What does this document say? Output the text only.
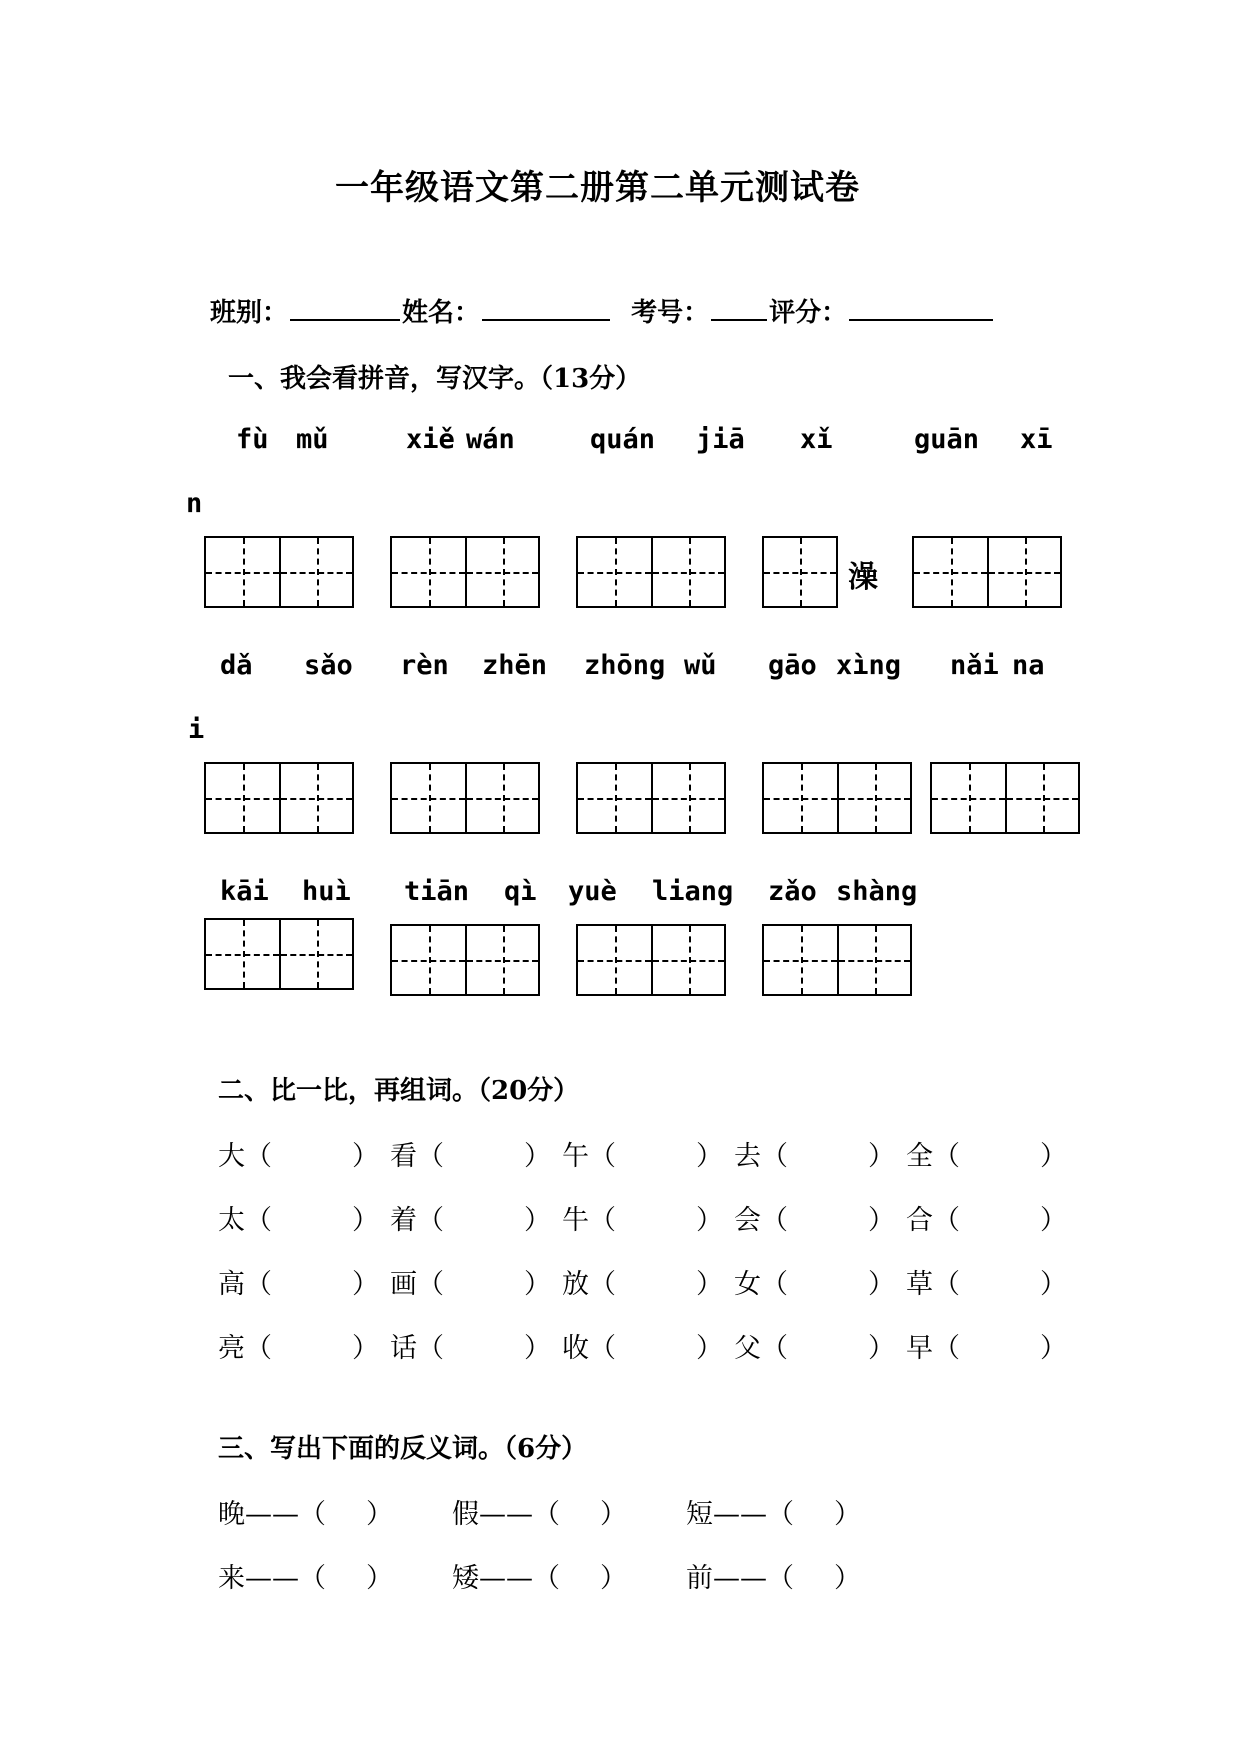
一年级语文第二册第二单元测试卷
班别：	姓名：	考号： 评分：
一、我会看拼音，写汉字。（13分）
fù mǔ	xiě wán	quán jiā xǐ	guān xī
n
澡
dǎ sǎo rèn zhēn zhōng wǔ gāo xìng nǎi na
i
kāi huì tiān qì yuè liang zǎo shàng
二、比一比，再组词。（20分）
大（	） 看（	） 午（	） 去（	） 全（	）
太（	） 着（	） 牛（	） 会（	） 合（	）
高（	） 画（	） 放（	） 女（	） 草（	）
亮（	） 话（	） 收（	） 父（	） 早（	）
三、写出下面的反义词。（6分）
晚——（ ） 假——（ ） 短——（ ）
来——（ ） 矮——（ ） 前——（ ）
